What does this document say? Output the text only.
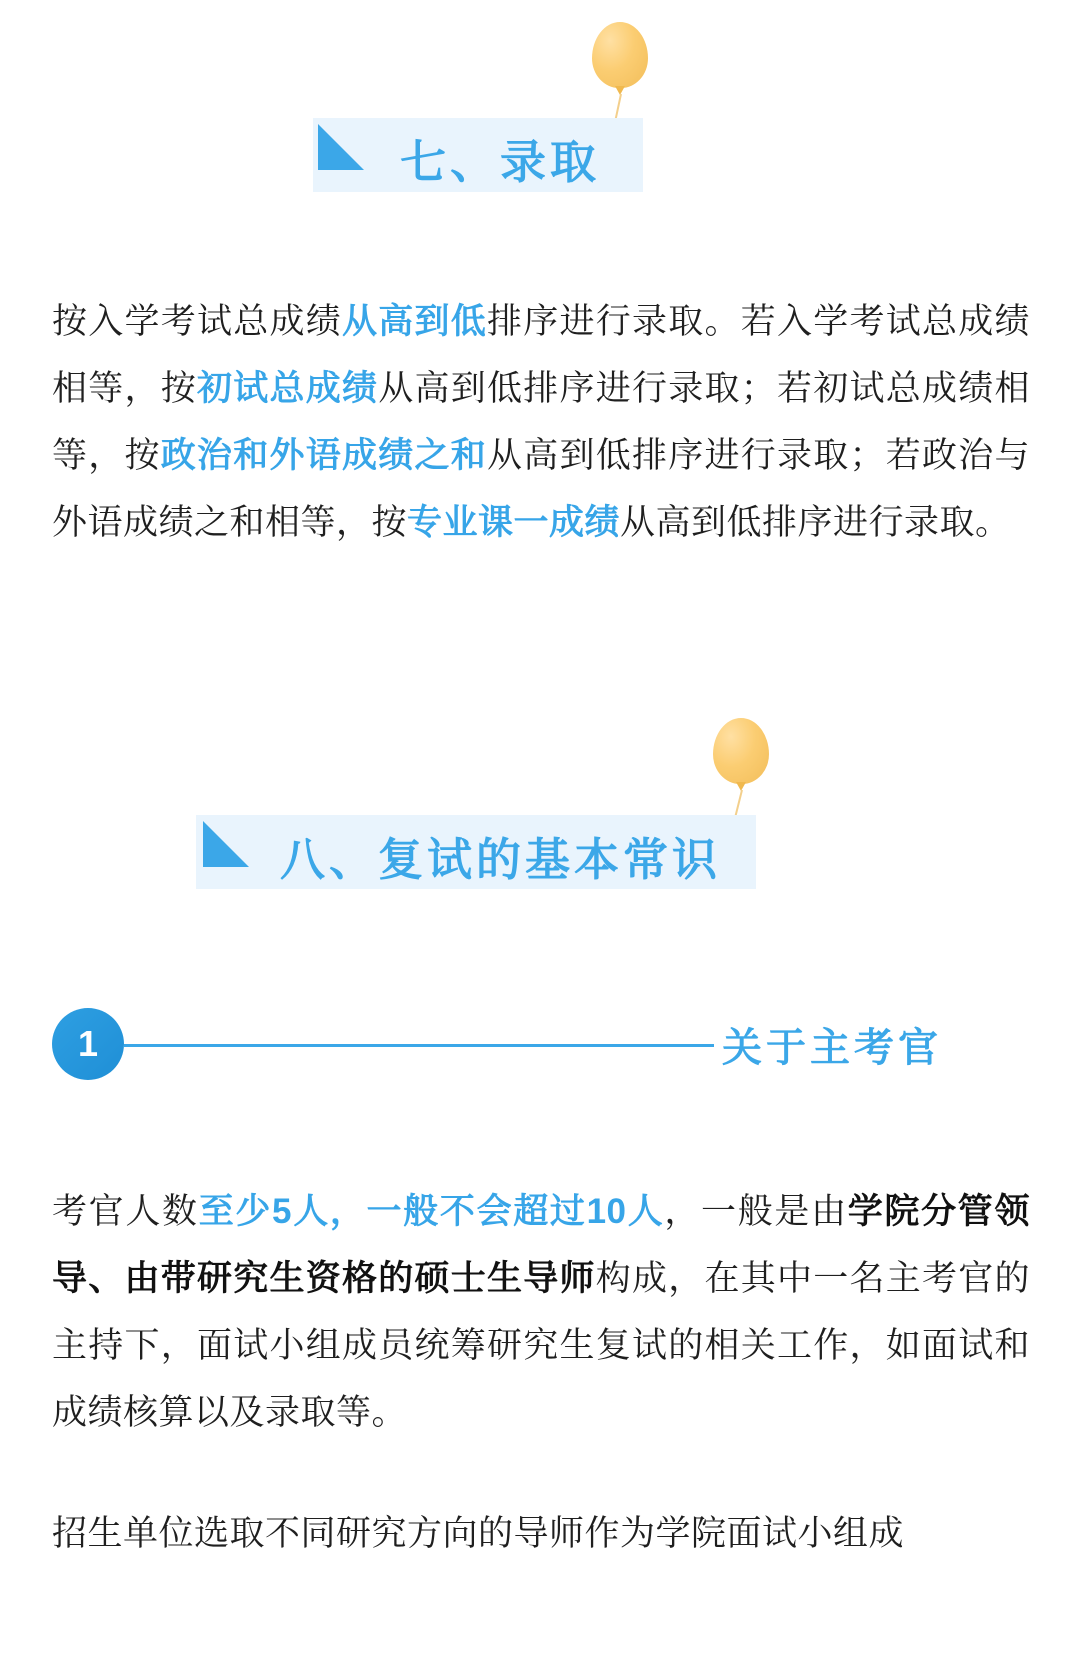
七、录取
按入学考试总成绩从高到低排序进行录取。若入学考试总成绩相等，按初试总成绩从高到低排序进行录取；若初试总成绩相等，按政治和外语成绩之和从高到低排序进行录取；若政治与外语成绩之和相等，按专业课一成绩从高到低排序进行录取。
八、复试的基本常识
1	关于主考官
考官人数至少5人，一般不会超过10人，一般是由学院分管领导、由带研究生资格的硕士生导师构成，在其中一名主考官的主持下，面试小组成员统筹研究生复试的相关工作，如面试和成绩核算以及录取等。
招生单位选取不同研究方向的导师作为学院面试小组成
